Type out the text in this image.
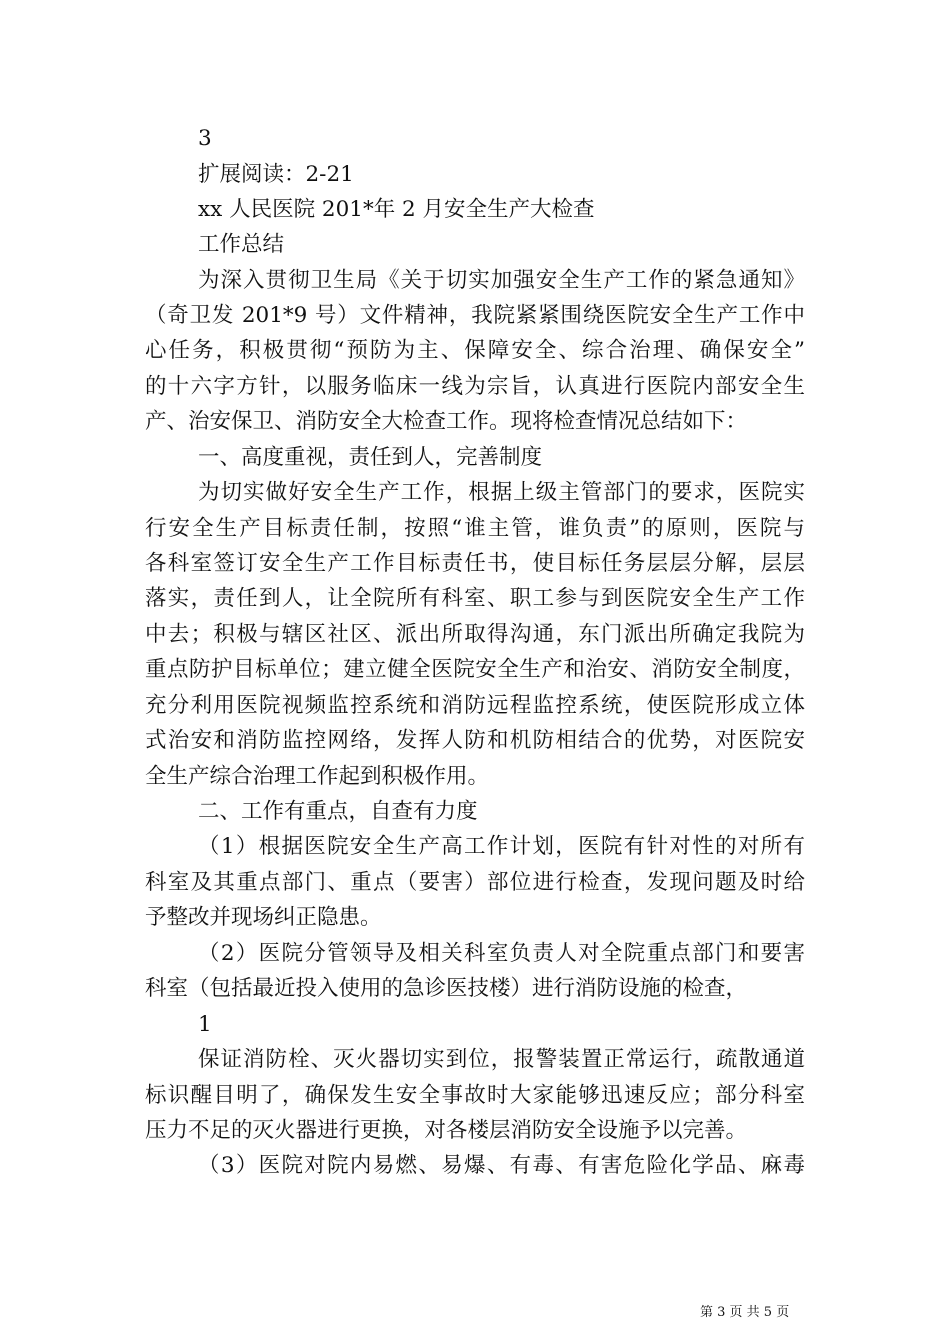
3
扩展阅读：2-21
xx 人民医院 201*年 2 月安全生产大检查
工作总结
为深入贯彻卫生局《关于切实加强安全生产工作的紧急通知》
（奇卫发 201*9 号）文件精神，我院紧紧围绕医院安全生产工作中
心任务，积极贯彻“预防为主、保障安全、综合治理、确保安全”
的十六字方针，以服务临床一线为宗旨，认真进行医院内部安全生
产、治安保卫、消防安全大检查工作。现将检查情况总结如下：
一、高度重视，责任到人，完善制度
为切实做好安全生产工作，根据上级主管部门的要求，医院实
行安全生产目标责任制，按照“谁主管，谁负责”的原则，医院与
各科室签订安全生产工作目标责任书，使目标任务层层分解，层层
落实，责任到人，让全院所有科室、职工参与到医院安全生产工作
中去；积极与辖区社区、派出所取得沟通，东门派出所确定我院为
重点防护目标单位；建立健全医院安全生产和治安、消防安全制度，
充分利用医院视频监控系统和消防远程监控系统，使医院形成立体
式治安和消防监控网络，发挥人防和机防相结合的优势，对医院安
全生产综合治理工作起到积极作用。
二、工作有重点，自查有力度
（1）根据医院安全生产高工作计划，医院有针对性的对所有
科室及其重点部门、重点（要害）部位进行检查，发现问题及时给
予整改并现场纠正隐患。
（2）医院分管领导及相关科室负责人对全院重点部门和要害
科室（包括最近投入使用的急诊医技楼）进行消防设施的检查，
1
保证消防栓、灭火器切实到位，报警装置正常运行，疏散通道
标识醒目明了，确保发生安全事故时大家能够迅速反应；部分科室
压力不足的灭火器进行更换，对各楼层消防安全设施予以完善。
（3）医院对院内易燃、易爆、有毒、有害危险化学品、麻毒
第 3 页 共 5 页
